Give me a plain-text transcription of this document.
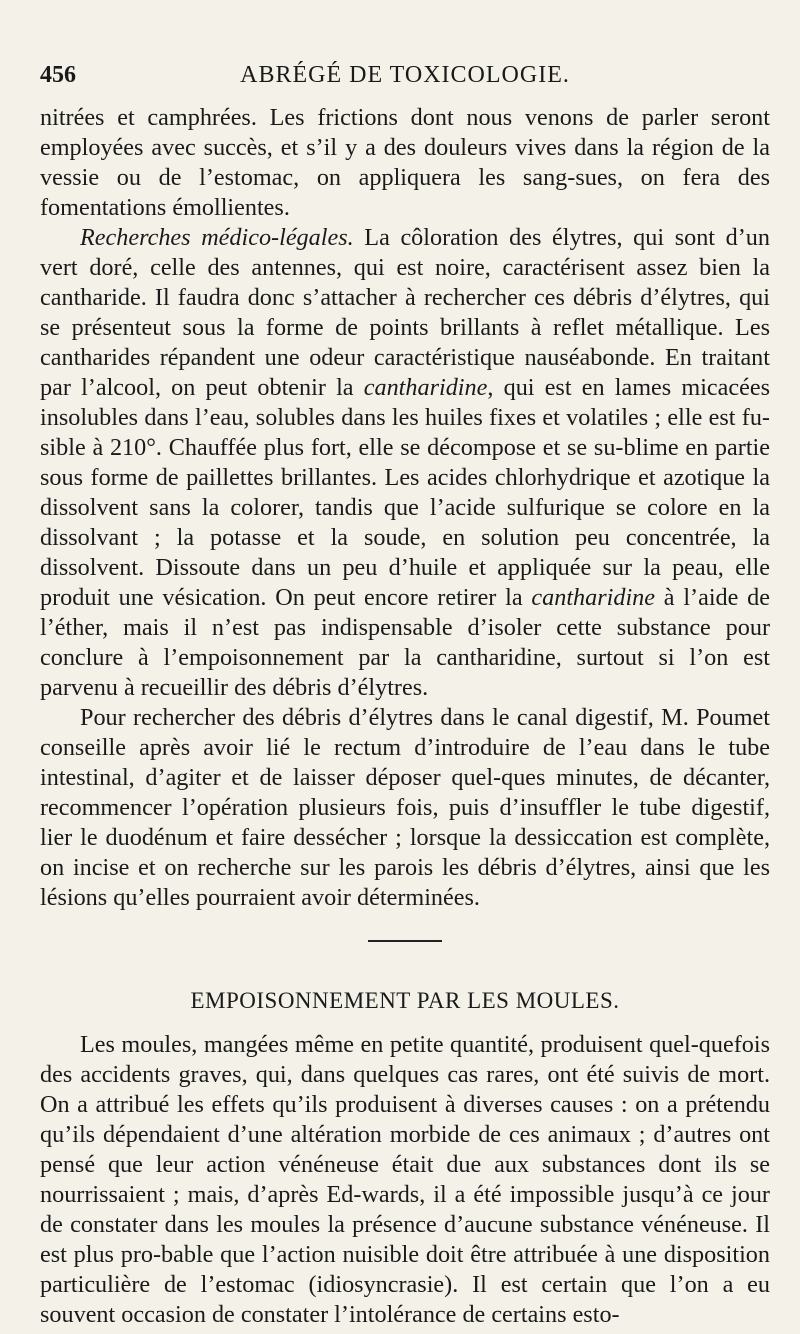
456	ABRÉGÉ DE TOXICOLOGIE.

nitrées et camphrées. Les frictions dont nous venons de parler seront employées avec succès, et s’il y a des douleurs vives dans la région de la vessie ou de l’estomac, on appliquera les sang-sues, on fera des fomentations émollientes.

Recherches médico-légales. La côloration des élytres, qui sont d’un vert doré, celle des antennes, qui est noire, caractérisent assez bien la cantharide. Il faudra donc s’attacher à rechercher ces débris d’élytres, qui se présenteut sous la forme de points brillants à reflet métallique. Les cantharides répandent une odeur caractéristique nauséabonde. En traitant par l’alcool, on peut obtenir la cantharidine, qui est en lames micacées insolubles dans l’eau, solubles dans les huiles fixes et volatiles ; elle est fu-sible à 210°. Chauffée plus fort, elle se décompose et se su-blime en partie sous forme de paillettes brillantes. Les acides chlorhydrique et azotique la dissolvent sans la colorer, tandis que l’acide sulfurique se colore en la dissolvant ; la potasse et la soude, en solution peu concentrée, la dissolvent. Dissoute dans un peu d’huile et appliquée sur la peau, elle produit une vésication. On peut encore retirer la cantharidine à l’aide de l’éther, mais il n’est pas indispensable d’isoler cette substance pour conclure à l’empoisonnement par la cantharidine, surtout si l’on est parvenu à recueillir des débris d’élytres.

Pour rechercher des débris d’élytres dans le canal digestif, M. Poumet conseille après avoir lié le rectum d’introduire de l’eau dans le tube intestinal, d’agiter et de laisser déposer quel-ques minutes, de décanter, recommencer l’opération plusieurs fois, puis d’insuffler le tube digestif, lier le duodénum et faire dessécher ; lorsque la dessiccation est complète, on incise et on recherche sur les parois les débris d’élytres, ainsi que les lésions qu’elles pourraient avoir déterminées.

EMPOISONNEMENT PAR LES MOULES.

Les moules, mangées même en petite quantité, produisent quel-quefois des accidents graves, qui, dans quelques cas rares, ont été suivis de mort. On a attribué les effets qu’ils produisent à diverses causes : on a prétendu qu’ils dépendaient d’une altération morbide de ces animaux ; d’autres ont pensé que leur action vénéneuse était due aux substances dont ils se nourrissaient ; mais, d’après Ed-wards, il a été impossible jusqu’à ce jour de constater dans les moules la présence d’aucune substance vénéneuse. Il est plus pro-bable que l’action nuisible doit être attribuée à une disposition particulière de l’estomac (idiosyncrasie). Il est certain que l’on a eu souvent occasion de constater l’intolérance de certains esto-
